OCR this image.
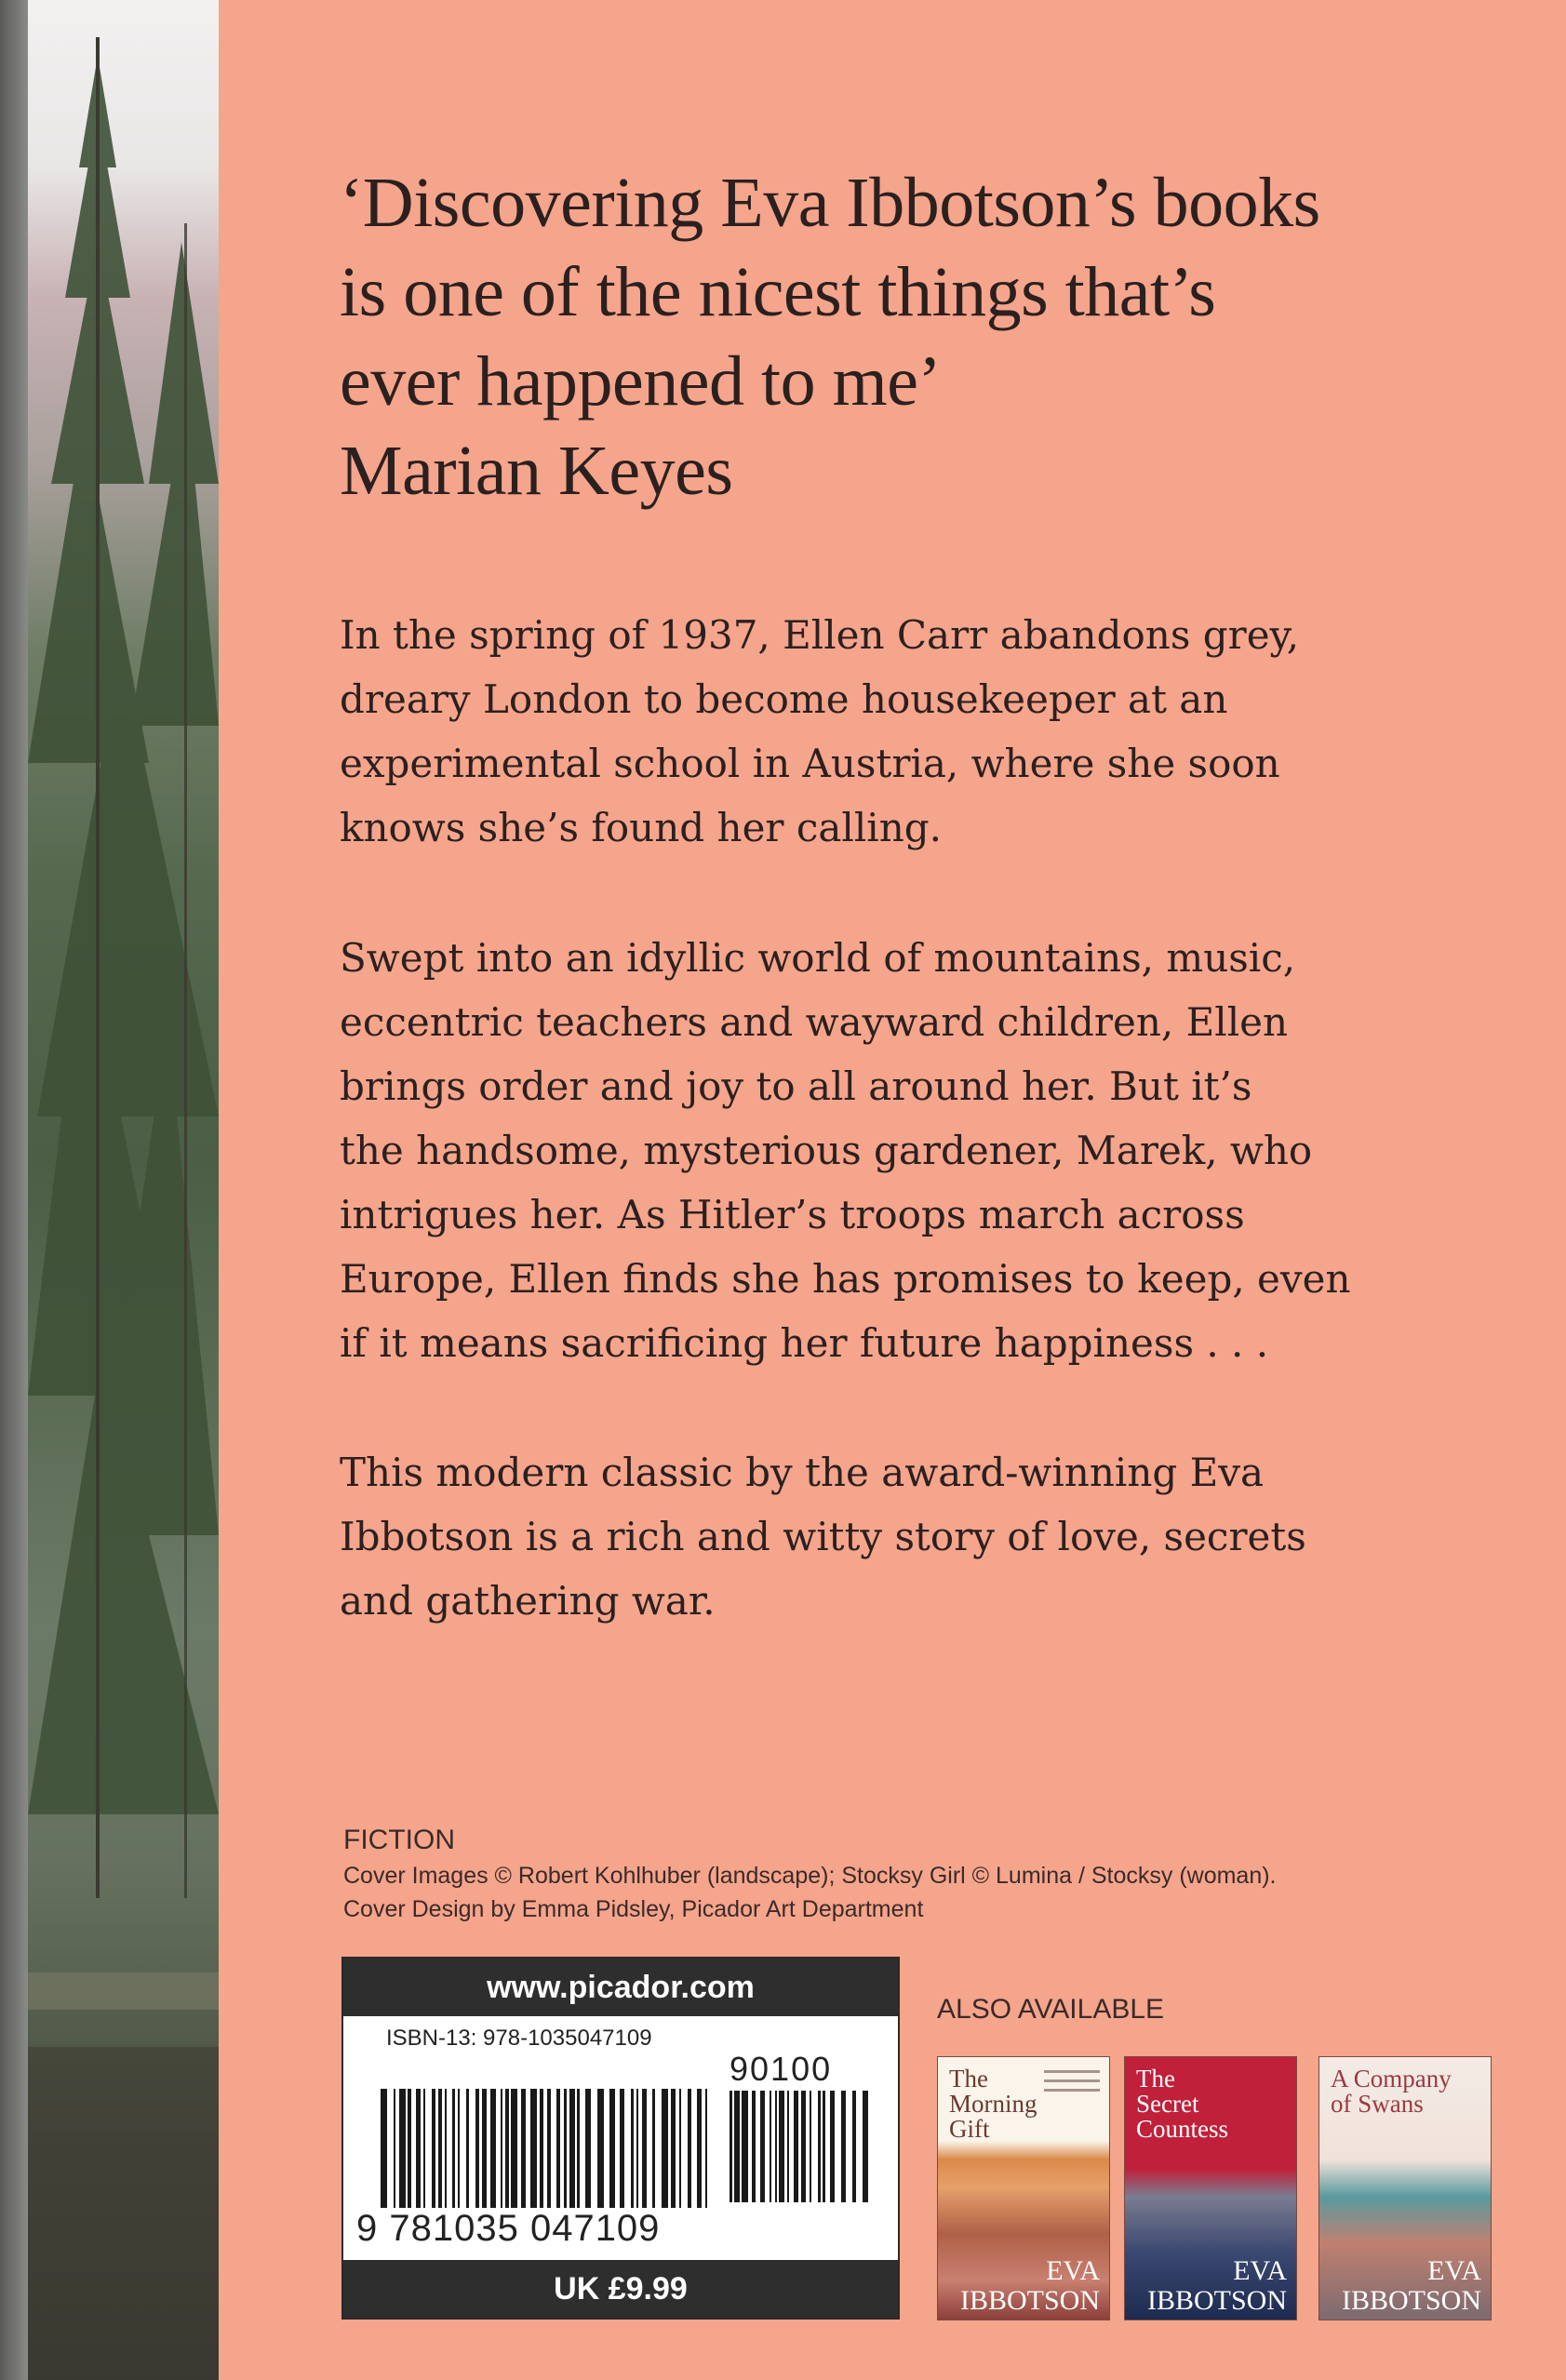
‘Discovering Eva Ibbotson’s books
is one of the nicest things that’s
ever happened to me’
Marian Keyes
In the spring of 1937, Ellen Carr abandons grey,
dreary London to become housekeeper at an
experimental school in Austria, where she soon
knows she’s found her calling.
Swept into an idyllic world of mountains, music,
eccentric teachers and wayward children, Ellen
brings order and joy to all around her. But it’s
the handsome, mysterious gardener, Marek, who
intrigues her. As Hitler’s troops march across
Europe, Ellen finds she has promises to keep, even
if it means sacrificing her future happiness . . .
This modern classic by the award-winning Eva
Ibbotson is a rich and witty story of love, secrets
and gathering war.
FICTION
Cover Images © Robert Kohlhuber (landscape); Stocksy Girl © Lumina / Stocksy (woman).
Cover Design by Emma Pidsley, Picador Art Department
www.picador.com
ISBN-13: 978-1035047109
90100
9 781035 047109
UK £9.99
ALSO AVAILABLE
The
Morning
Gift
EVA
IBBOTSON
The
Secret
Countess
EVA
IBBOTSON
A Company
of Swans
EVA
IBBOTSON
